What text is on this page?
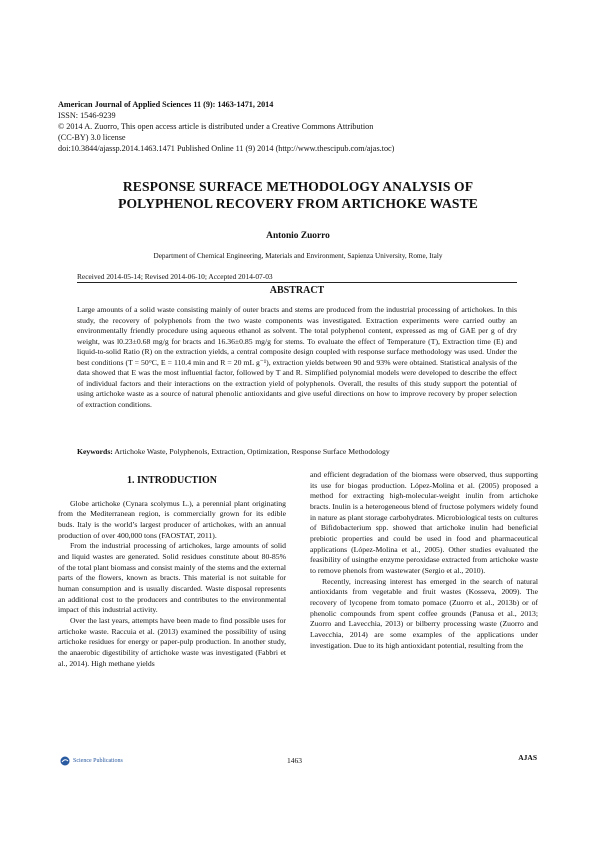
American Journal of Applied Sciences 11 (9): 1463-1471, 2014
ISSN: 1546-9239
© 2014 A. Zuorro, This open access article is distributed under a Creative Commons Attribution
(CC-BY) 3.0 license
doi:10.3844/ajassp.2014.1463.1471 Published Online 11 (9) 2014 (http://www.thescipub.com/ajas.toc)
RESPONSE SURFACE METHODOLOGY ANALYSIS OF
POLYPHENOL RECOVERY FROM ARTICHOKE WASTE
Antonio Zuorro
Department of Chemical Engineering, Materials and Environment, Sapienza University, Rome, Italy
Received 2014-05-14; Revised 2014-06-10; Accepted 2014-07-03
ABSTRACT
Large amounts of a solid waste consisting mainly of outer bracts and stems are produced from the industrial processing of artichokes. In this study, the recovery of polyphenols from the two waste components was investigated. Extraction experiments were carried outby an environmentally friendly procedure using aqueous ethanol as solvent. The total polyphenol content, expressed as mg of GAE per g of dry weight, was l0.23±0.68 mg/g for bracts and 16.36±0.85 mg/g for stems. To evaluate the effect of Temperature (T), Extraction time (E) and liquid-to-solid Ratio (R) on the extraction yields, a central composite design coupled with response surface methodology was used. Under the best conditions (T = 50°C, E = 110.4 min and R = 20 mL g⁻¹), extraction yields between 90 and 93% were obtained. Statistical analysis of the data showed that E was the most influential factor, followed by T and R. Simplified polynomial models were developed to describe the effect of individual factors and their interactions on the extraction yield of polyphenols. Overall, the results of this study support the potential of using artichoke waste as a source of natural phenolic antioxidants and give useful directions on how to improve recovery by proper selection of extraction conditions.
Keywords: Artichoke Waste, Polyphenols, Extraction, Optimization, Response Surface Methodology
1. INTRODUCTION

Globe artichoke (Cynara scolymus L.), a perennial plant originating from the Mediterranean region, is commercially grown for its edible buds. Italy is the world’s largest producer of artichokes, with an annual production of over 400,000 tons (FAOSTAT, 2011).

From the industrial processing of artichokes, large amounts of solid and liquid wastes are generated. Solid residues constitute about 80-85% of the total plant biomass and consist mainly of the stems and the external parts of the flowers, known as bracts. This material is not suitable for human consumption and is usually discarded. Waste disposal represents an additional cost to the producers and contributes to the environmental impact of this industrial activity.

Over the last years, attempts have been made to find possible uses for artichoke waste. Raccuia et al. (2013) examined the possibility of using artichoke residues for energy or paper-pulp production. In another study, the anaerobic digestibility of artichoke waste was investigated (Fabbri et al., 2014). High methane yields

and efficient degradation of the biomass were observed, thus supporting its use for biogas production. López-Molina et al. (2005) proposed a method for extracting high-molecular-weight inulin from artichoke bracts. Inulin is a heterogeneous blend of fructose polymers widely found in nature as plant storage carbohydrates. Microbiological tests on cultures of Bifidobacterium spp. showed that artichoke inulin had beneficial prebiotic properties and could be used in food and pharmaceutical applications (López-Molina et al., 2005). Other studies evaluated the feasibility of usingthe enzyme peroxidase extracted from artichoke waste to remove phenols from wastewater (Sergio et al., 2010).

Recently, increasing interest has emerged in the search of natural antioxidants from vegetable and fruit wastes (Kosseva, 2009). The recovery of lycopene from tomato pomace (Zuorro et al., 2013b) or of phenolic compounds from spent coffee grounds (Panusa et al., 2013; Zuorro and Lavecchia, 2013) or bilberry processing waste (Zuorro and Lavecchia, 2014) are some examples of the applications under investigation. Due to its high antioxidant potential, resulting from the

Science Publications	1463	AJAS
